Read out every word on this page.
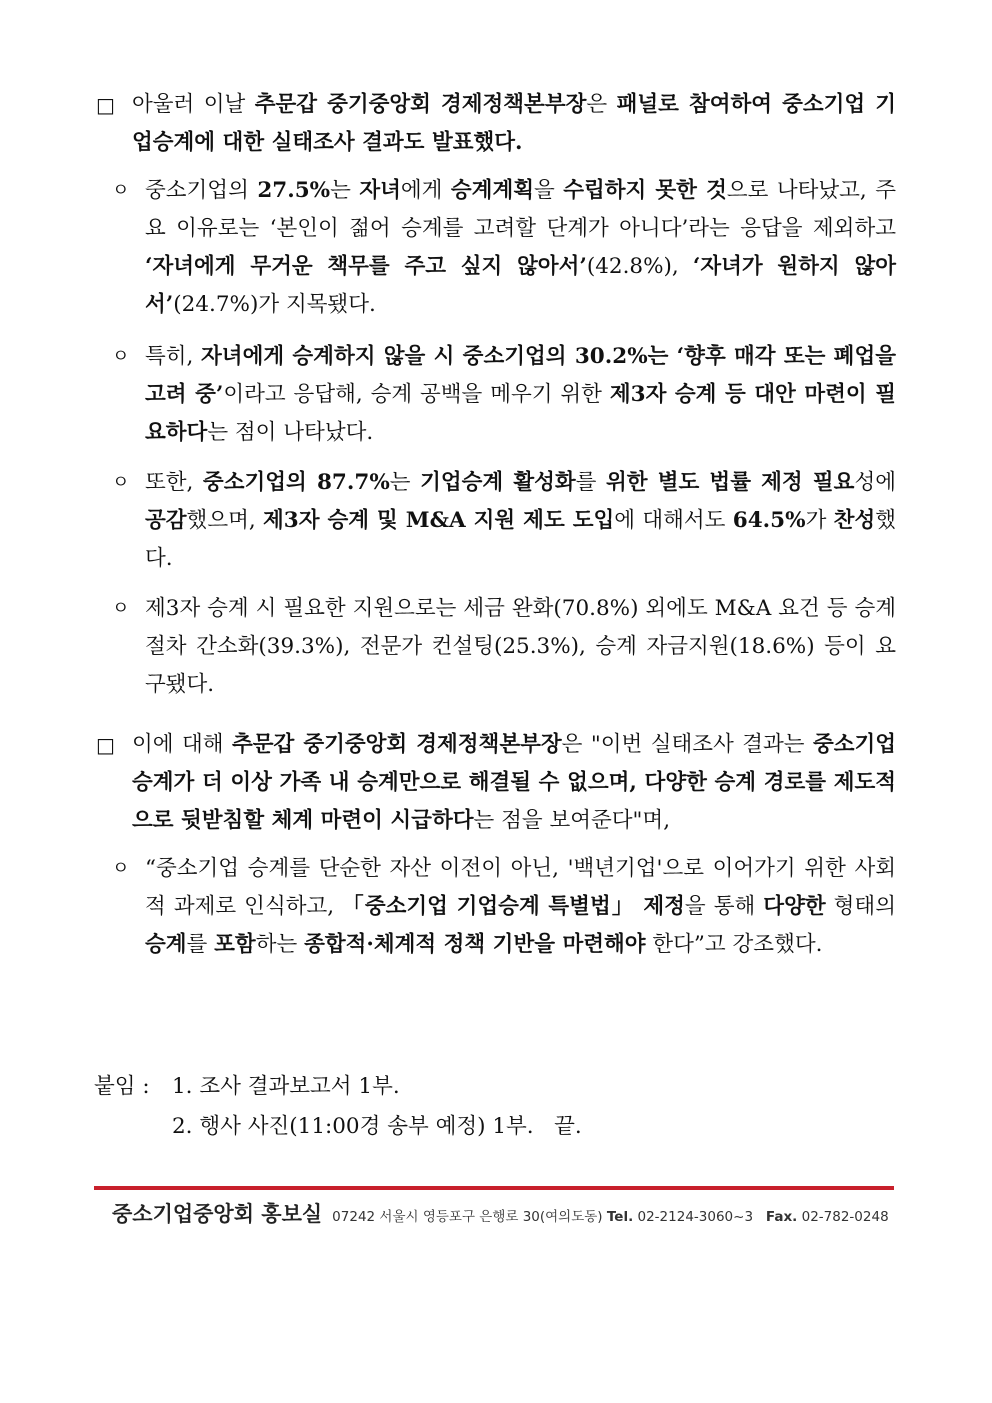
□ 아울러 이날 추문갑 중기중앙회 경제정책본부장은 패널로 참여하여 중소기업 기업승계에 대한 실태조사 결과도 발표했다.
ㅇ 중소기업의 27.5%는 자녀에게 승계계획을 수립하지 못한 것으로 나타났고, 주요 이유로는 ‘본인이 젊어 승계를 고려할 단계가 아니다’라는 응답을 제외하고 ‘자녀에게 무거운 책무를 주고 싶지 않아서’(42.8%), ‘자녀가 원하지 않아서’(24.7%)가 지목됐다.
ㅇ 특히, 자녀에게 승계하지 않을 시 중소기업의 30.2%는 ‘향후 매각 또는 폐업을 고려 중’이라고 응답해, 승계 공백을 메우기 위한 제3자 승계 등 대안 마련이 필요하다는 점이 나타났다.
ㅇ 또한, 중소기업의 87.7%는 기업승계 활성화를 위한 별도 법률 제정 필요성에 공감했으며, 제3자 승계 및 M&A 지원 제도 도입에 대해서도 64.5%가 찬성했다.
ㅇ 제3자 승계 시 필요한 지원으로는 세금 완화(70.8%) 외에도 M&A 요건 등 승계절차 간소화(39.3%), 전문가 컨설팅(25.3%), 승계 자금지원(18.6%) 등이 요구됐다.
□ 이에 대해 추문갑 중기중앙회 경제정책본부장은 "이번 실태조사 결과는 중소기업 승계가 더 이상 가족 내 승계만으로 해결될 수 없으며, 다양한 승계 경로를 제도적으로 뒷받침할 체계 마련이 시급하다는 점을 보여준다"며,
ㅇ “중소기업 승계를 단순한 자산 이전이 아닌, '백년기업'으로 이어가기 위한 사회적 과제로 인식하고, 「중소기업 기업승계 특별법」 제정을 통해 다양한 형태의 승계를 포함하는 종합적·체계적 정책 기반을 마련해야 한다”고 강조했다.
붙임 : 1. 조사 결과보고서 1부.
2. 행사 사진(11:00경 송부 예정) 1부.   끝.
중소기업중앙회 홍보실 07242 서울시 영등포구 은행로 30(여의도동) Tel. 02-2124-3060~3 Fax. 02-782-0248
